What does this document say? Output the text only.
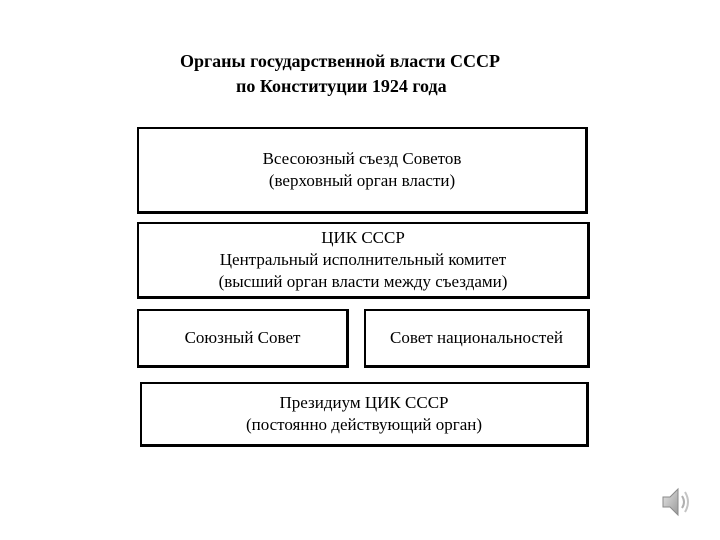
Органы государственной власти СССР
по Конституции 1924 года
Всесоюзный съезд Советов
(верховный орган власти)
ЦИК СССР
Центральный исполнительный комитет
(высший орган власти между съездами)
Союзный Совет	Совет национальностей
Президиум ЦИК СССР
(постоянно действующий орган)
